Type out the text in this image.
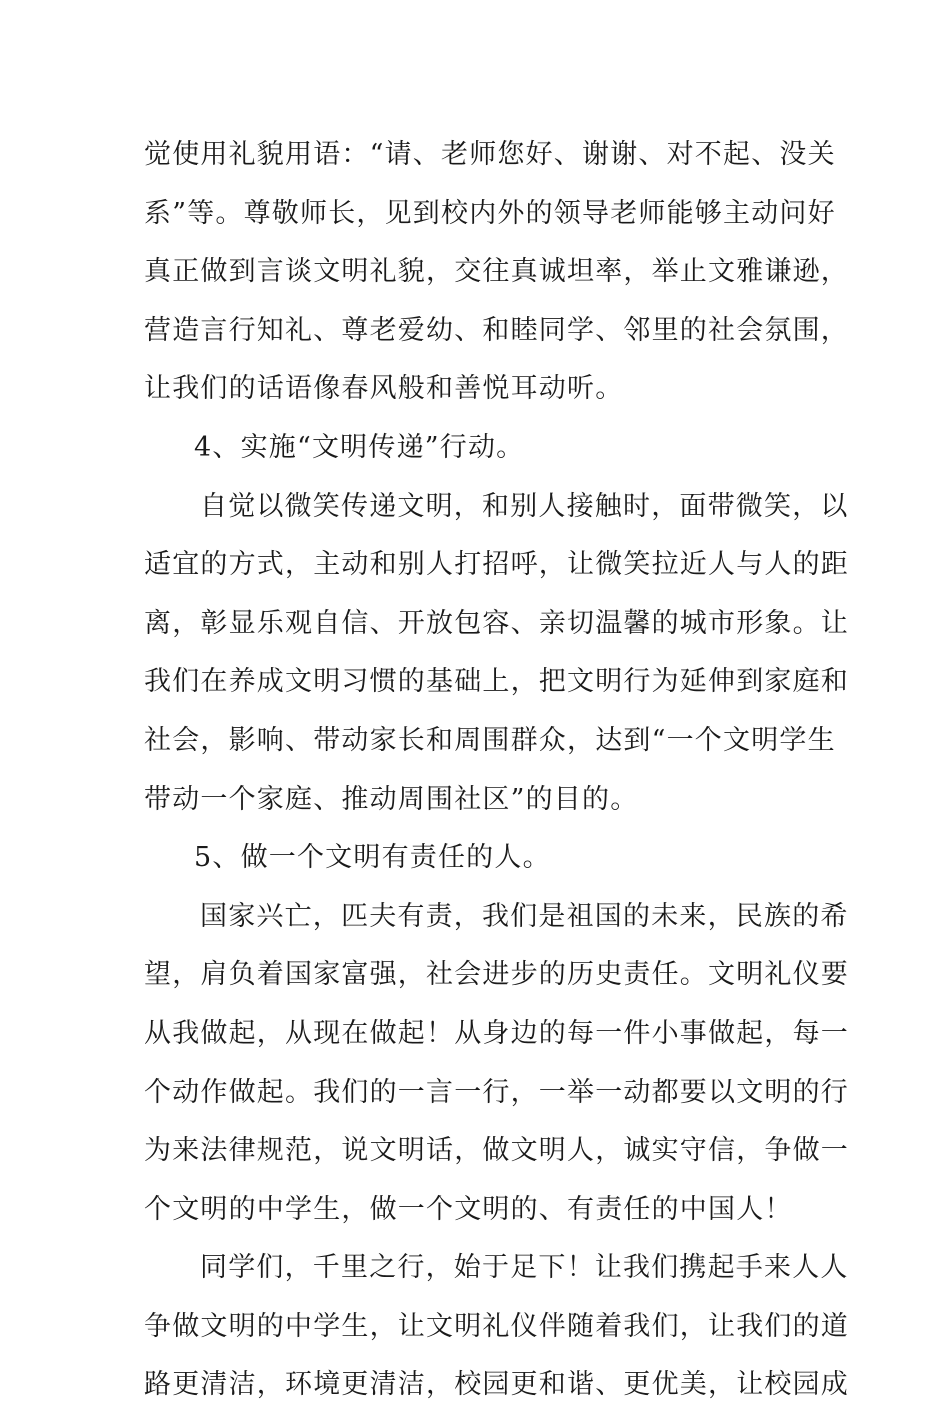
觉使用礼貌用语：“请、老师您好、谢谢、对不起、没关
系”等。尊敬师长，见到校内外的领导老师能够主动问好
真正做到言谈文明礼貌，交往真诚坦率，举止文雅谦逊，
营造言行知礼、尊老爱幼、和睦同学、邻里的社会氛围，
让我们的话语像春风般和善悦耳动听。
4、实施“文明传递”行动。
自觉以微笑传递文明，和别人接触时，面带微笑，以
适宜的方式，主动和别人打招呼，让微笑拉近人与人的距
离，彰显乐观自信、开放包容、亲切温馨的城市形象。让
我们在养成文明习惯的基础上，把文明行为延伸到家庭和
社会，影响、带动家长和周围群众，达到“一个文明学生
带动一个家庭、推动周围社区”的目的。
5、做一个文明有责任的人。
国家兴亡，匹夫有责，我们是祖国的未来，民族的希
望，肩负着国家富强，社会进步的历史责任。文明礼仪要
从我做起，从现在做起！从身边的每一件小事做起，每一
个动作做起。我们的一言一行，一举一动都要以文明的行
为来法律规范，说文明话，做文明人，诚实守信，争做一
个文明的中学生，做一个文明的、有责任的中国人！
同学们，千里之行，始于足下！让我们携起手来人人
争做文明的中学生，让文明礼仪伴随着我们，让我们的道
路更清洁，环境更清洁，校园更和谐、更优美，让校园成
